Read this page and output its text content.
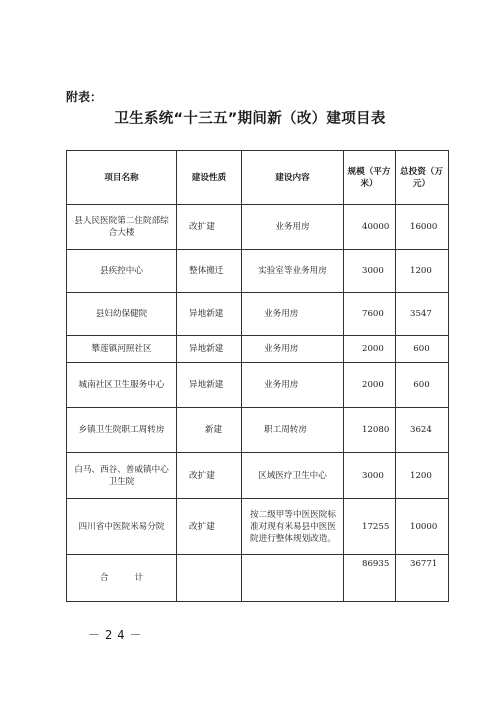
附表：
卫生系统“十三五”期间新（改）建项目表
项目名称	建设性质	建设内容	规模（平方米）	总投资（万元）
县人民医院第二住院部综合大楼	改扩建	业务用房	40000	16000
县疾控中心	整体搬迁	实验室等业务用房	3000	1200
县妇幼保健院	异地新建	业务用房	7600	3547
攀莲镇河照社区	异地新建	业务用房	2000	600
城南社区卫生服务中心	异地新建	业务用房	2000	600
乡镇卫生院职工周转房	新建	职工周转房	12080	3624
白马、西谷、普威镇中心卫生院	改扩建	区域医疗卫生中心	3000	1200
四川省中医院米易分院	改扩建	按二级甲等中医医院标准对现有米易县中医医院进行整体规划改造。	17255	10000
合 计			86935	36771
－24－
